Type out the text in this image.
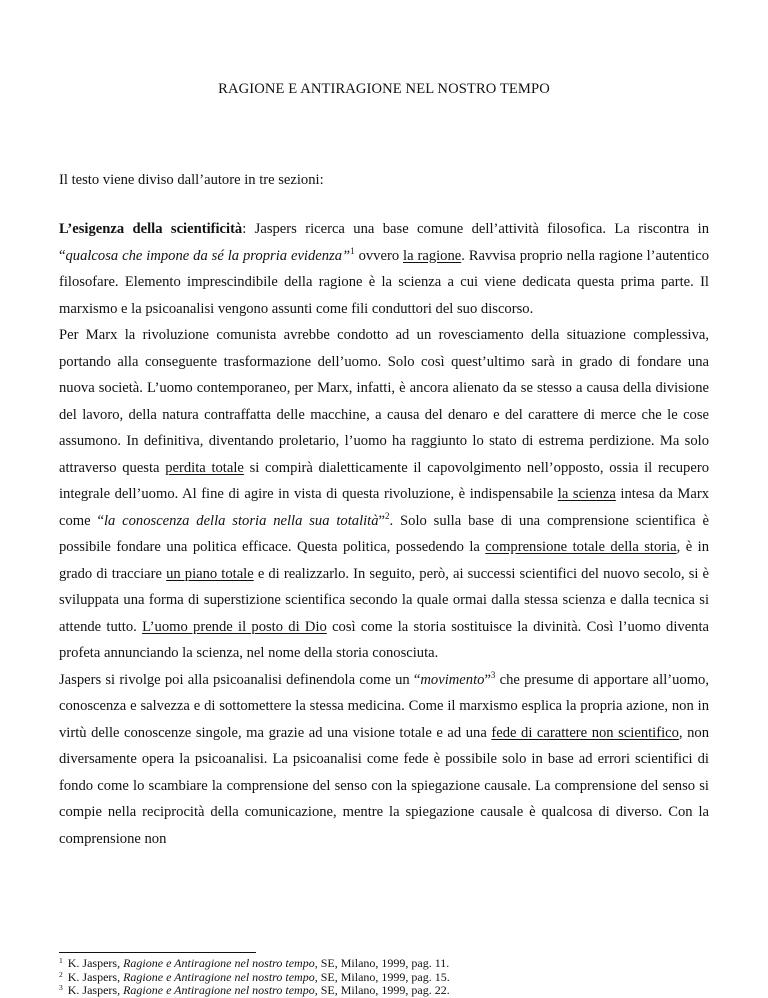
RAGIONE E ANTIRAGIONE NEL NOSTRO TEMPO
Il testo viene diviso dall’autore in tre sezioni:

L’esigenza della scientificità: Jaspers ricerca una base comune dell’attività filosofica. La riscontra in “qualcosa che impone da sé la propria evidenza”$^1$ ovvero la ragione. Ravvisa proprio nella ragione l’autentico filosofare. Elemento imprescindibile della ragione è la scienza a cui viene dedicata questa prima parte. Il marxismo e la psicoanalisi vengono assunti come fili conduttori del suo discorso.

Per Marx la rivoluzione comunista avrebbe condotto ad un rovesciamento della situazione complessiva, portando alla conseguente trasformazione dell’uomo. Solo così quest’ultimo sarà in grado di fondare una nuova società. L’uomo contemporaneo, per Marx, infatti, è ancora alienato da se stesso a causa della divisione del lavoro, della natura contraffatta delle macchine, a causa del denaro e del carattere di merce che le cose assumono. In definitiva, diventando proletario, l’uomo ha raggiunto lo stato di estrema perdizione. Ma solo attraverso questa perdita totale si compirà dialetticamente il capovolgimento nell’opposto, ossia il recupero integrale dell’uomo. Al fine di agire in vista di questa rivoluzione, è indispensabile la scienza intesa da Marx come “la conoscenza della storia nella sua totalità”$^2$. Solo sulla base di una comprensione scientifica è possibile fondare una politica efficace. Questa politica, possedendo la comprensione totale della storia, è in grado di tracciare un piano totale e di realizzarlo. In seguito, però, ai successi scientifici del nuovo secolo, si è sviluppata una forma di superstizione scientifica secondo la quale ormai dalla stessa scienza e dalla tecnica si attende tutto. L’uomo prende il posto di Dio così come la storia sostituisce la divinità. Così l’uomo diventa profeta annunciando la scienza, nel nome della storia conosciuta.

Jaspers si rivolge poi alla psicoanalisi definendola come un “movimento”$^3$ che presume di apportare all’uomo, conoscenza e salvezza e di sottomettere la stessa medicina. Come il marxismo esplica la propria azione, non in virtù delle conoscenze singole, ma grazie ad una visione totale e ad una fede di carattere non scientifico, non diversamente opera la psicoanalisi. La psicoanalisi come fede è possibile solo in base ad errori scientifici di fondo come lo scambiare la comprensione del senso con la spiegazione causale. La comprensione del senso si compie nella reciprocità della comunicazione, mentre la spiegazione causale è qualcosa di diverso. Con la comprensione non

$^1$ K. Jaspers, Ragione e Antiragione nel nostro tempo, SE, Milano, 1999, pag. 11.
$^2$ K. Jaspers, Ragione e Antiragione nel nostro tempo, SE, Milano, 1999, pag. 15.
$^3$ K. Jaspers, Ragione e Antiragione nel nostro tempo, SE, Milano, 1999, pag. 22.
